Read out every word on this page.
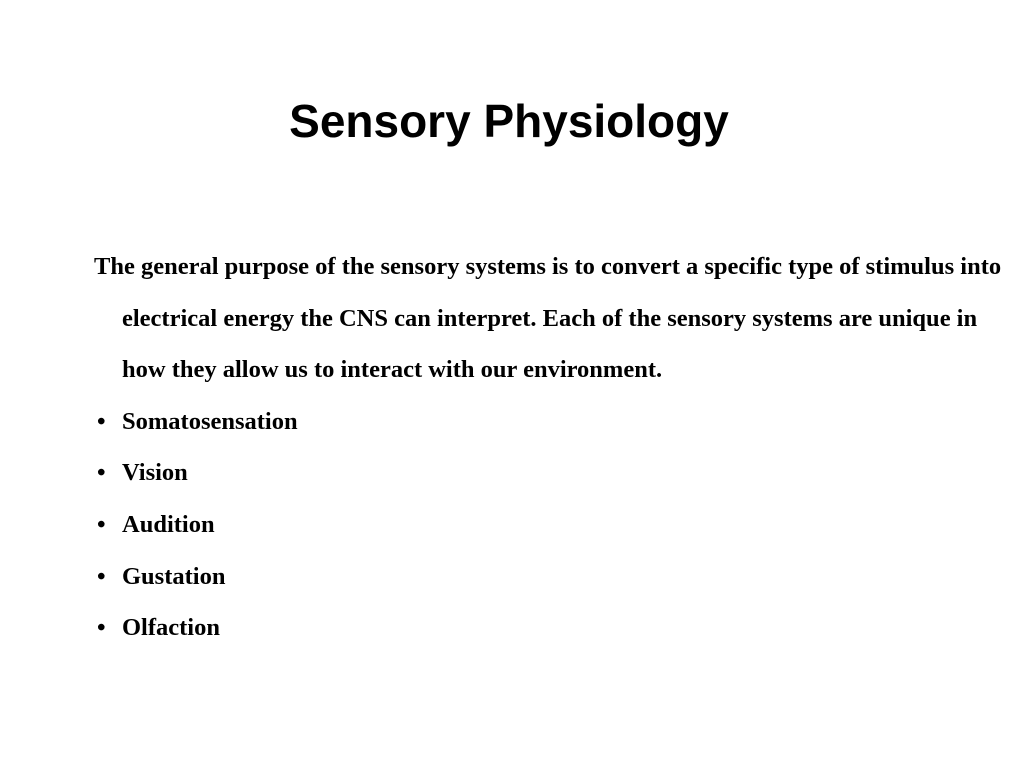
Sensory Physiology

The general purpose of the sensory systems is to convert a specific type of stimulus into electrical energy the CNS can interpret. Each of the sensory systems are unique in how they allow us to interact with our environment.

• Somatosensation
• Vision
• Audition
• Gustation
• Olfaction
